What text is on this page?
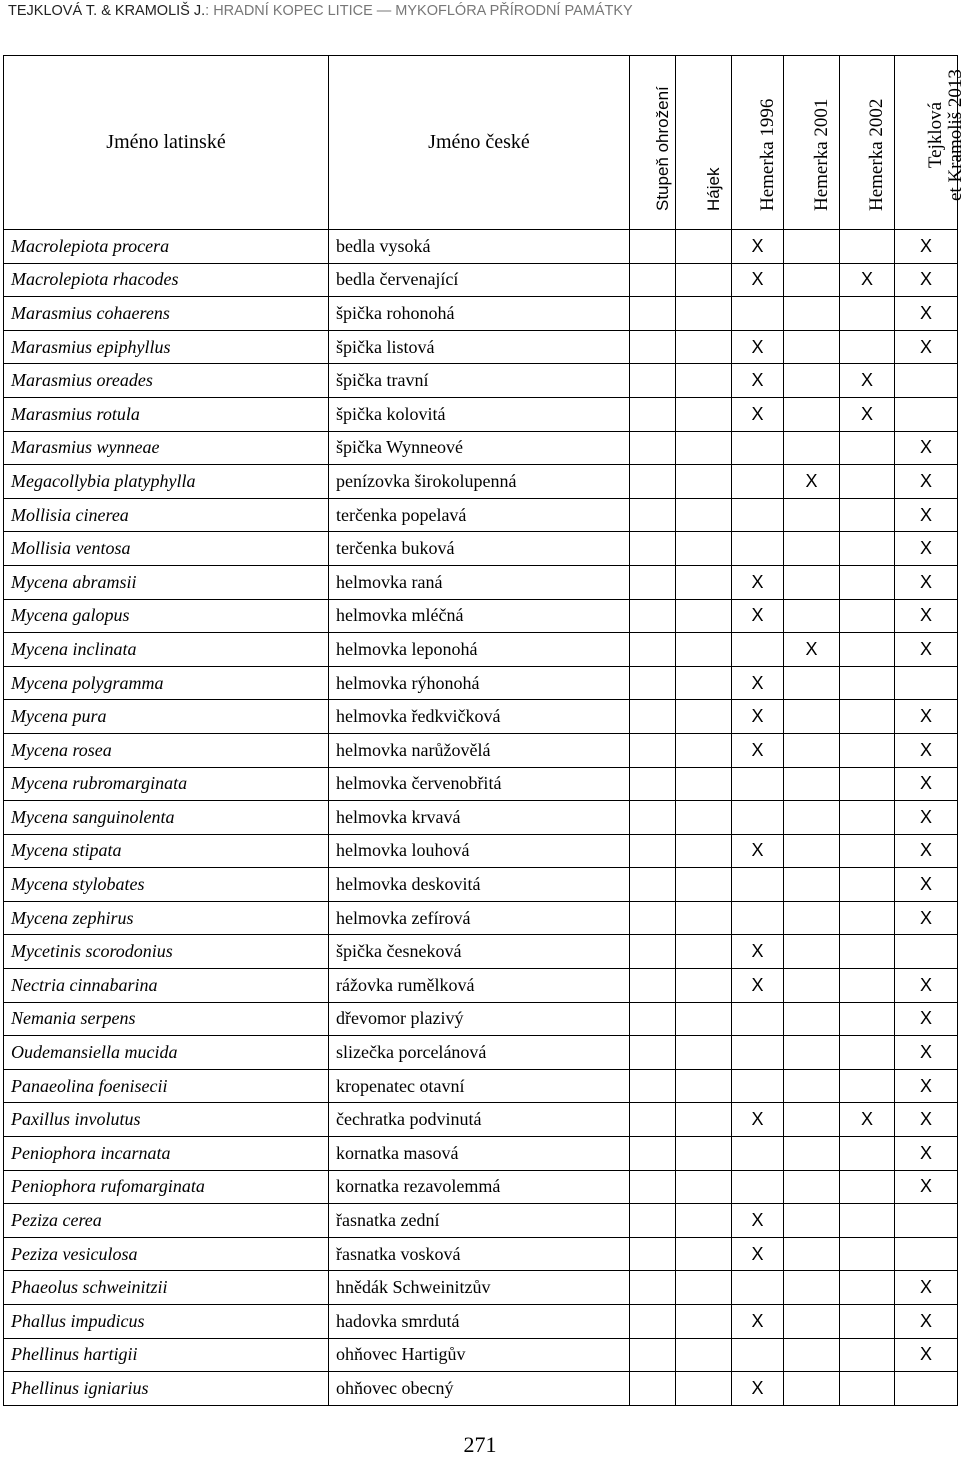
TEJKLOVÁ T. & KRAMOLIŠ J.: HRADNÍ KOPEC LITICE — MYKOFLÓRA PŘÍRODNÍ PAMÁTKY
Jméno latinské	Jméno české	Stupeň ohrožení	Hájek	Hemerka 1996	Hemerka 2001	Hemerka 2002	Tejklová
et Kramoliš 2013

Macrolepiota procera	bedla vysoká			X			X
Macrolepiota rhacodes	bedla červenající			X		X	X
Marasmius cohaerens	špička rohonohá						X
Marasmius epiphyllus	špička listová			X			X
Marasmius oreades	špička travní			X		X	
Marasmius rotula	špička kolovitá			X		X	
Marasmius wynneae	špička Wynneové						X
Megacollybia platyphylla	penízovka širokolupenná				X		X
Mollisia cinerea	terčenka popelavá						X
Mollisia ventosa	terčenka buková						X
Mycena abramsii	helmovka raná			X			X
Mycena galopus	helmovka mléčná			X			X
Mycena inclinata	helmovka leponohá				X		X
Mycena polygramma	helmovka rýhonohá			X			
Mycena pura	helmovka ředkvičková			X			X
Mycena rosea	helmovka narůžovělá			X			X
Mycena rubromarginata	helmovka červenobřitá						X
Mycena sanguinolenta	helmovka krvavá						X
Mycena stipata	helmovka louhová			X			X
Mycena stylobates	helmovka deskovitá						X
Mycena zephirus	helmovka zefírová						X
Mycetinis scorodonius	špička česneková			X			
Nectria cinnabarina	rážovka rumělková			X			X
Nemania serpens	dřevomor plazivý						X
Oudemansiella mucida	slizečka porcelánová						X
Panaeolina foenisecii	kropenatec otavní						X
Paxillus involutus	čechratka podvinutá			X		X	X
Peniophora incarnata	kornatka masová						X
Peniophora rufomarginata	kornatka rezavolemmá						X
Peziza cerea	řasnatka zední			X			
Peziza vesiculosa	řasnatka vosková			X			
Phaeolus schweinitzii	hnědák Schweinitzův						X
Phallus impudicus	hadovka smrdutá			X			X
Phellinus hartigii	ohňovec Hartigův						X
Phellinus igniarius	ohňovec obecný			X			
271
